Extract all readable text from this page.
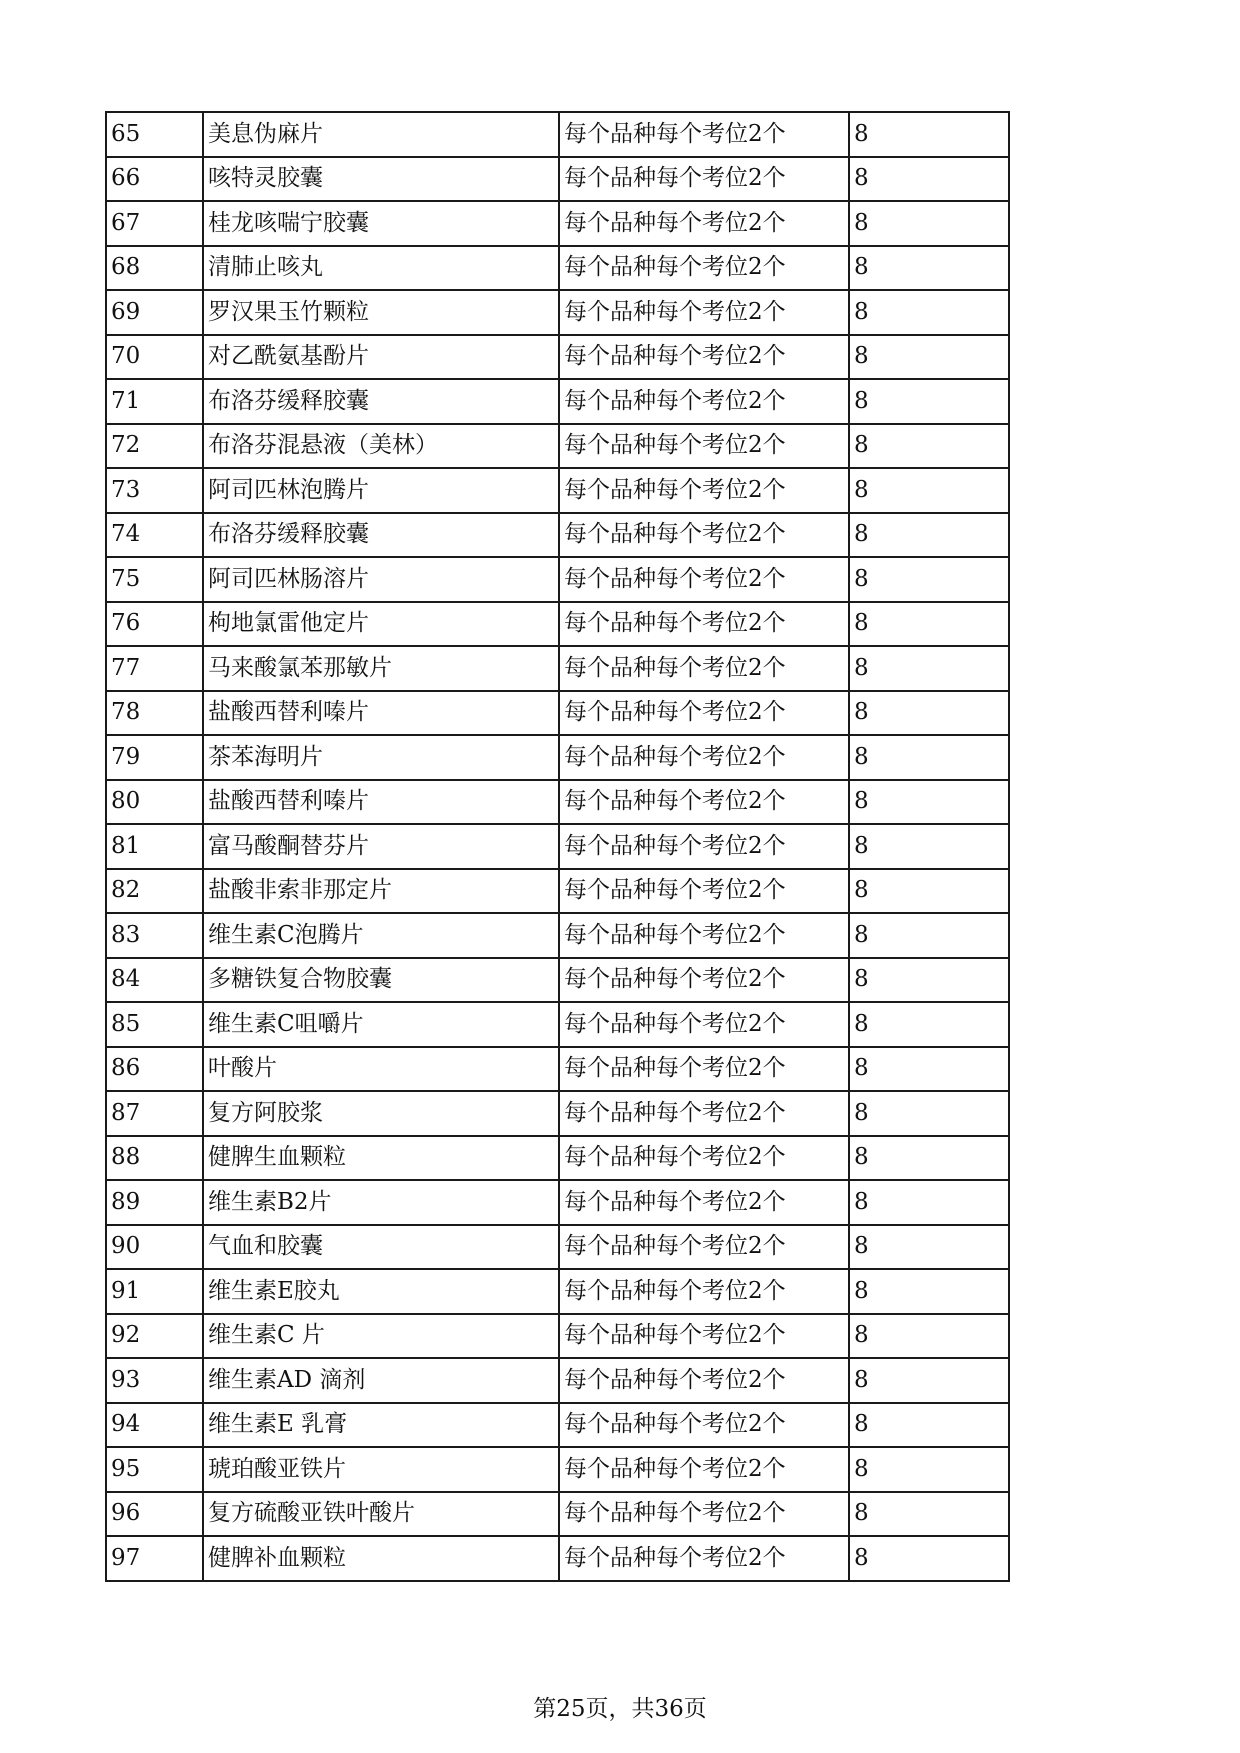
65	美息伪麻片	每个品种每个考位2个	8
66	咳特灵胶囊	每个品种每个考位2个	8
67	桂龙咳喘宁胶囊	每个品种每个考位2个	8
68	清肺止咳丸	每个品种每个考位2个	8
69	罗汉果玉竹颗粒	每个品种每个考位2个	8
70	对乙酰氨基酚片	每个品种每个考位2个	8
71	布洛芬缓释胶囊	每个品种每个考位2个	8
72	布洛芬混悬液（美林）	每个品种每个考位2个	8
73	阿司匹林泡腾片	每个品种每个考位2个	8
74	布洛芬缓释胶囊	每个品种每个考位2个	8
75	阿司匹林肠溶片	每个品种每个考位2个	8
76	枸地氯雷他定片	每个品种每个考位2个	8
77	马来酸氯苯那敏片	每个品种每个考位2个	8
78	盐酸西替利嗪片	每个品种每个考位2个	8
79	茶苯海明片	每个品种每个考位2个	8
80	盐酸西替利嗪片	每个品种每个考位2个	8
81	富马酸酮替芬片	每个品种每个考位2个	8
82	盐酸非索非那定片	每个品种每个考位2个	8
83	维生素C泡腾片	每个品种每个考位2个	8
84	多糖铁复合物胶囊	每个品种每个考位2个	8
85	维生素C咀嚼片	每个品种每个考位2个	8
86	叶酸片	每个品种每个考位2个	8
87	复方阿胶浆	每个品种每个考位2个	8
88	健脾生血颗粒	每个品种每个考位2个	8
89	维生素B2片	每个品种每个考位2个	8
90	气血和胶囊	每个品种每个考位2个	8
91	维生素E胶丸	每个品种每个考位2个	8
92	维生素C 片	每个品种每个考位2个	8
93	维生素AD 滴剂	每个品种每个考位2个	8
94	维生素E 乳膏	每个品种每个考位2个	8
95	琥珀酸亚铁片	每个品种每个考位2个	8
96	复方硫酸亚铁叶酸片	每个品种每个考位2个	8
97	健脾补血颗粒	每个品种每个考位2个	8
第25页，共36页
